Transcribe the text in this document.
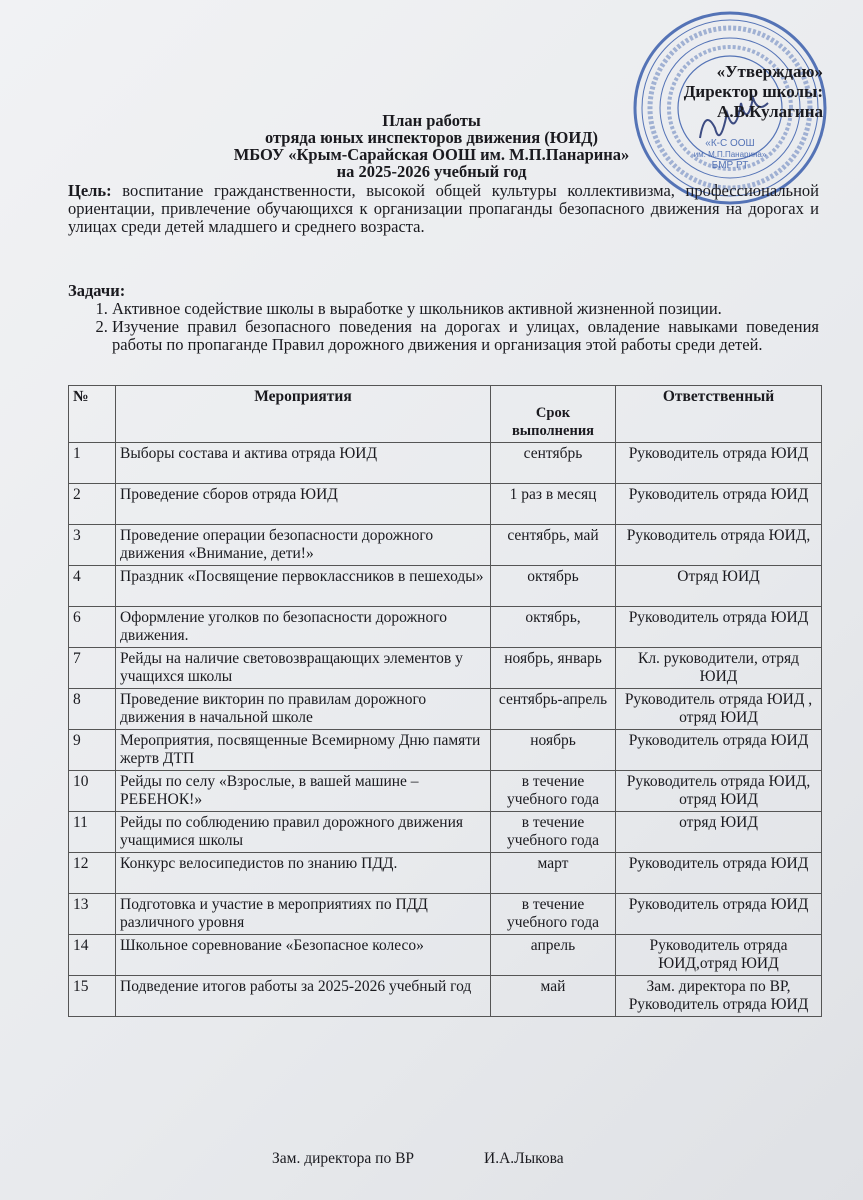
«К-С ООШ
им. М.П.Панарина»
БМР РТ
«Утверждаю»
Директор школы:
А.В.Кулагина
План работы
отряда юных инспекторов движения (ЮИД)
МБОУ «Крым-Сарайская ООШ им. М.П.Панарина»
на 2025-2026 учебный год
Цель: воспитание гражданственности, высокой общей культуры коллективизма, профессиональной ориентации, привлечение обучающихся к организации пропаганды безопасного движения на дорогах и улицах среди детей младшего и среднего возраста.
Задачи:
1. Активное содействие школы в выработке у школьников активной жизненной позиции.
2. Изучение правил безопасного поведения на дорогах и улицах, овладение навыками поведения работы по пропаганде Правил дорожного движения и организация этой работы среди детей.
№	Мероприятия	Срок выполнения	Ответственный
1	Выборы состава и актива отряда ЮИД	сентябрь	Руководитель отряда ЮИД
2	Проведение сборов отряда ЮИД	1 раз в месяц	Руководитель отряда ЮИД
3	Проведение операции безопасности дорожного движения «Внимание, дети!»	сентябрь, май	Руководитель отряда ЮИД,
4	Праздник «Посвящение первоклассников в пешеходы»	октябрь	Отряд ЮИД
6	Оформление уголков по безопасности дорожного движения.	октябрь,	Руководитель отряда ЮИД
7	Рейды на наличие световозвращающих элементов у учащихся школы	ноябрь, январь	Кл. руководители, отряд ЮИД
8	Проведение викторин по правилам дорожного движения в начальной школе	сентябрь-апрель	Руководитель отряда ЮИД , отряд ЮИД
9	Мероприятия, посвященные Всемирному Дню памяти жертв ДТП	ноябрь	Руководитель отряда ЮИД
10	Рейды по селу «Взрослые, в вашей машине – РЕБЕНОК!»	в течение учебного года	Руководитель отряда ЮИД, отряд ЮИД
11	Рейды по соблюдению правил дорожного движения учащимися школы	в течение учебного года	отряд ЮИД
12	Конкурс велосипедистов по знанию ПДД.	март	Руководитель отряда ЮИД
13	Подготовка и участие в мероприятиях по ПДД различного уровня	в течение учебного года	Руководитель отряда ЮИД
14	Школьное соревнование «Безопасное колесо»	апрель	Руководитель отряда ЮИД,отряд ЮИД
15	Подведение итогов работы за 2025-2026 учебный год	май	Зам. директора по ВР, Руководитель отряда ЮИД
Зам. директора по ВР	И.А.Лыкова
